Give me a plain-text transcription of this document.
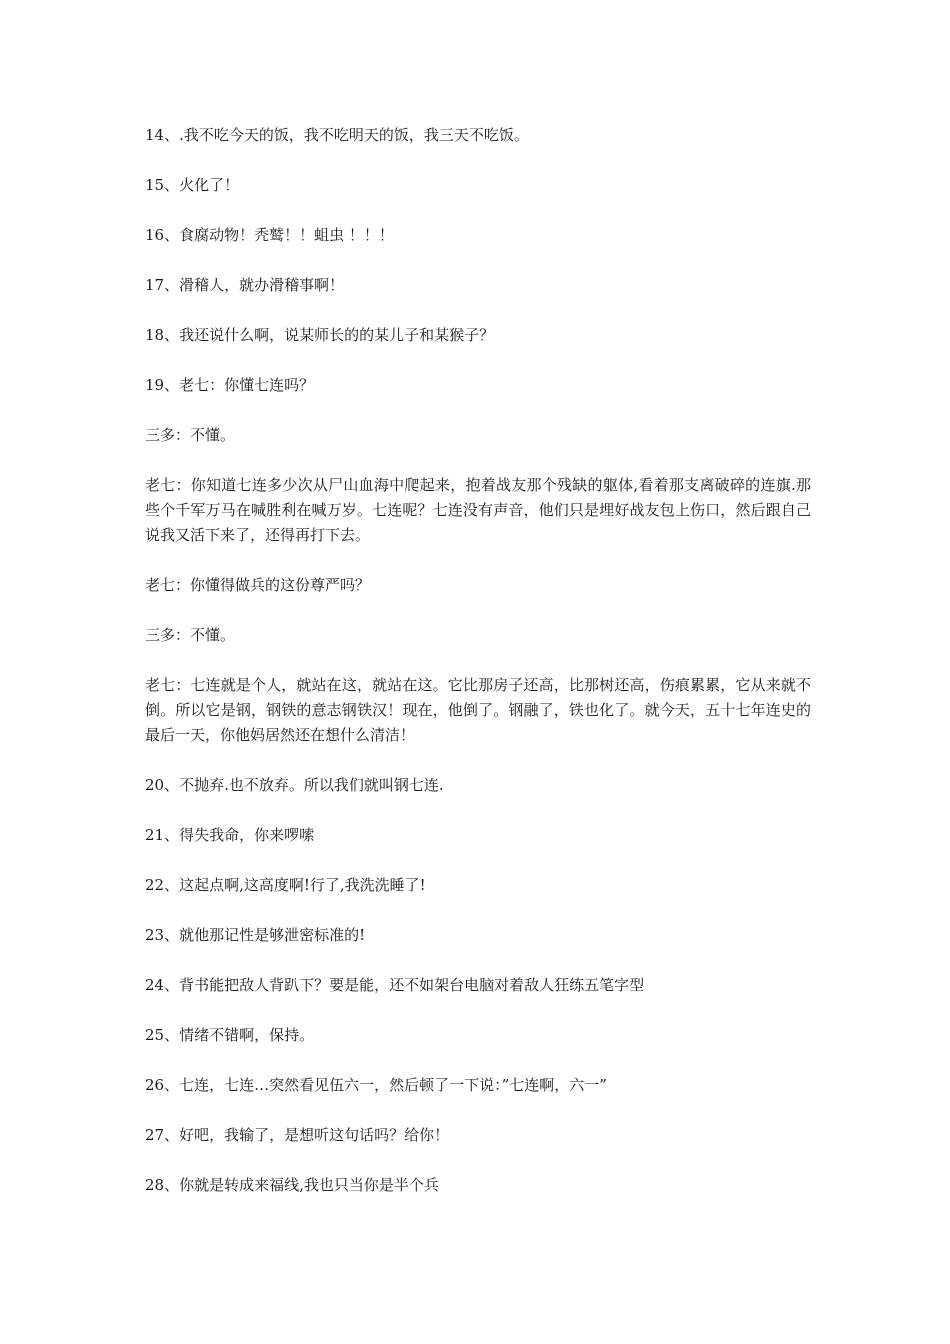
14、.我不吃今天的饭，我不吃明天的饭，我三天不吃饭。

15、火化了！

16、食腐动物！秃鹫！！蛆虫 ！！！

17、滑稽人，就办滑稽事啊！

18、我还说什么啊，说某师长的的某儿子和某猴子？

19、老七：你懂七连吗？

三多：不懂。

老七：你知道七连多少次从尸山血海中爬起来，抱着战友那个残缺的躯体,看着那支离破碎的连旗.那些个千军万马在喊胜利在喊万岁。七连呢？七连没有声音，他们只是埋好战友包上伤口，然后跟自己说我又活下来了，还得再打下去。

老七：你懂得做兵的这份尊严吗？

三多：不懂。

老七：七连就是个人，就站在这，就站在这。它比那房子还高，比那树还高，伤痕累累，它从来就不倒。所以它是钢，钢铁的意志钢铁汉！现在，他倒了。钢融了，铁也化了。就今天，五十七年连史的最后一天，你他妈居然还在想什么清洁！

20、不抛弃.也不放弃。所以我们就叫钢七连.

21、得失我命，你来啰嗦

22、这起点啊,这高度啊!行了,我洗洗睡了!

23、就他那记性是够泄密标准的!

24、背书能把敌人背趴下？要是能，还不如架台电脑对着敌人狂练五笔字型

25、情绪不错啊，保持。

26、七连，七连…突然看见伍六一，然后顿了一下说：”七连啊，六一”

27、好吧，我输了，是想听这句话吗？给你！

28、你就是转成来福线,我也只当你是半个兵
